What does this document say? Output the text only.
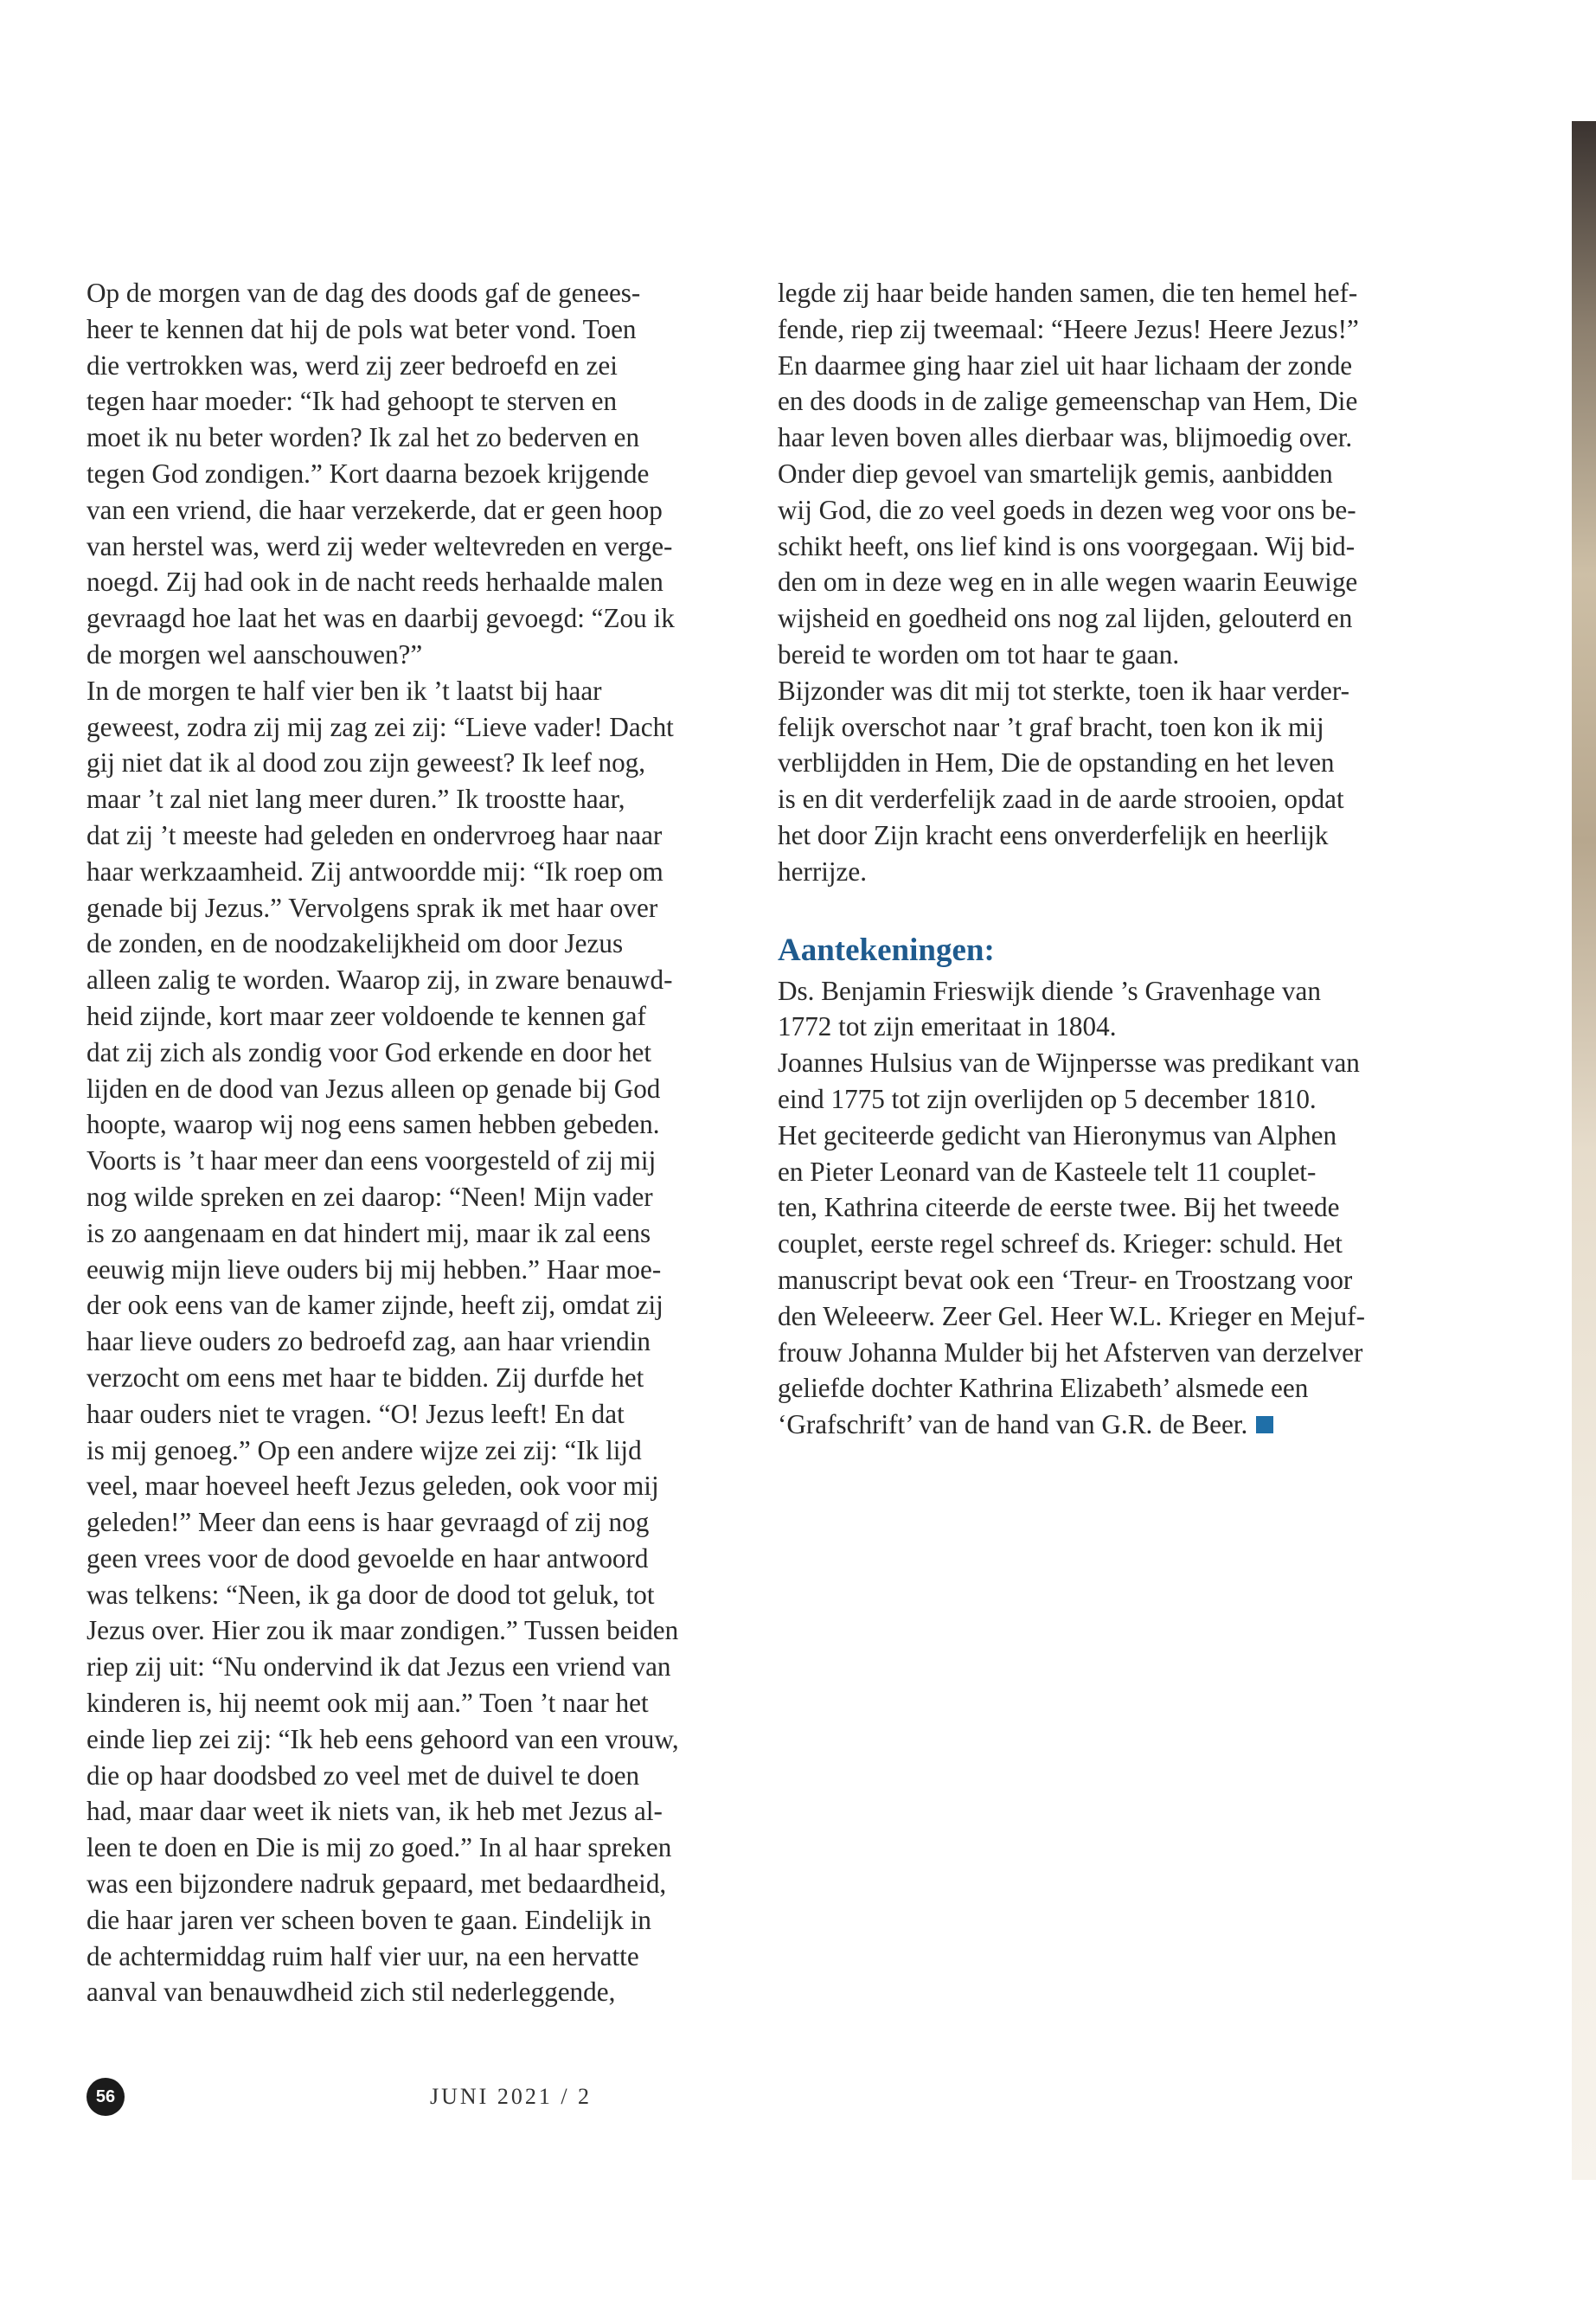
Op de morgen van de dag des doods gaf de genees-
heer te kennen dat hij de pols wat beter vond. Toen
die vertrokken was, werd zij zeer bedroefd en zei
tegen haar moeder: “Ik had gehoopt te sterven en
moet ik nu beter worden? Ik zal het zo bederven en
tegen God zondigen.” Kort daarna bezoek krijgende
van een vriend, die haar verzekerde, dat er geen hoop
van herstel was, werd zij weder weltevreden en verge-
noegd. Zij had ook in de nacht reeds herhaalde malen
gevraagd hoe laat het was en daarbij gevoegd: “Zou ik
de morgen wel aanschouwen?”
In de morgen te half vier ben ik ’t laatst bij haar
geweest, zodra zij mij zag zei zij: “Lieve vader! Dacht
gij niet dat ik al dood zou zijn geweest? Ik leef nog,
maar ’t zal niet lang meer duren.” Ik troostte haar,
dat zij ’t meeste had geleden en ondervroeg haar naar
haar werkzaamheid. Zij antwoordde mij: “Ik roep om
genade bij Jezus.” Vervolgens sprak ik met haar over
de zonden, en de noodzakelijkheid om door Jezus
alleen zalig te worden. Waarop zij, in zware benauwd-
heid zijnde, kort maar zeer voldoende te kennen gaf
dat zij zich als zondig voor God erkende en door het
lijden en de dood van Jezus alleen op genade bij God
hoopte, waarop wij nog eens samen hebben gebeden.
Voorts is ’t haar meer dan eens voorgesteld of zij mij
nog wilde spreken en zei daarop: “Neen! Mijn vader
is zo aangenaam en dat hindert mij, maar ik zal eens
eeuwig mijn lieve ouders bij mij hebben.” Haar moe-
der ook eens van de kamer zijnde, heeft zij, omdat zij
haar lieve ouders zo bedroefd zag, aan haar vriendin
verzocht om eens met haar te bidden. Zij durfde het
haar ouders niet te vragen. “O! Jezus leeft! En dat
is mij genoeg.” Op een andere wijze zei zij: “Ik lijd
veel, maar hoeveel heeft Jezus geleden, ook voor mij
geleden!” Meer dan eens is haar gevraagd of zij nog
geen vrees voor de dood gevoelde en haar antwoord
was telkens: “Neen, ik ga door de dood tot geluk, tot
Jezus over. Hier zou ik maar zondigen.” Tussen beiden
riep zij uit: “Nu ondervind ik dat Jezus een vriend van
kinderen is, hij neemt ook mij aan.” Toen ’t naar het
einde liep zei zij: “Ik heb eens gehoord van een vrouw,
die op haar doodsbed zo veel met de duivel te doen
had, maar daar weet ik niets van, ik heb met Jezus al-
leen te doen en Die is mij zo goed.” In al haar spreken
was een bijzondere nadruk gepaard, met bedaardheid,
die haar jaren ver scheen boven te gaan. Eindelijk in
de achtermiddag ruim half vier uur, na een hervatte
aanval van benauwdheid zich stil nederleggende,
legde zij haar beide handen samen, die ten hemel hef-
fende, riep zij tweemaal: “Heere Jezus! Heere Jezus!”
En daarmee ging haar ziel uit haar lichaam der zonde
en des doods in de zalige gemeenschap van Hem, Die
haar leven boven alles dierbaar was, blijmoedig over.
Onder diep gevoel van smartelijk gemis, aanbidden
wij God, die zo veel goeds in dezen weg voor ons be-
schikt heeft, ons lief kind is ons voorgegaan. Wij bid-
den om in deze weg en in alle wegen waarin Eeuwige
wijsheid en goedheid ons nog zal lijden, gelouterd en
bereid te worden om tot haar te gaan.
Bijzonder was dit mij tot sterkte, toen ik haar verder-
felijk overschot naar ’t graf bracht, toen kon ik mij
verblijdden in Hem, Die de opstanding en het leven
is en dit verderfelijk zaad in de aarde strooien, opdat
het door Zijn kracht eens onverderfelijk en heerlijk
herrijze.
Aantekeningen:
Ds. Benjamin Frieswijk diende ’s Gravenhage van
1772 tot zijn emeritaat in 1804.
Joannes Hulsius van de Wijnpersse was predikant van
eind 1775 tot zijn overlijden op 5 december 1810.
Het geciteerde gedicht van Hieronymus van Alphen
en Pieter Leonard van de Kasteele telt 11 couplet-
ten, Kathrina citeerde de eerste twee. Bij het tweede
couplet, eerste regel schreef ds. Krieger: schuld. Het
manuscript bevat ook een ‘Treur- en Troostzang voor
den Weleeerw. Zeer Gel. Heer W.L. Krieger en Mejuf-
frouw Johanna Mulder bij het Afsterven van derzelver
geliefde dochter Kathrina Elizabeth’ alsmede een
‘Grafschrift’ van de hand van G.R. de Beer.
56	JUNI 2021 / 2
